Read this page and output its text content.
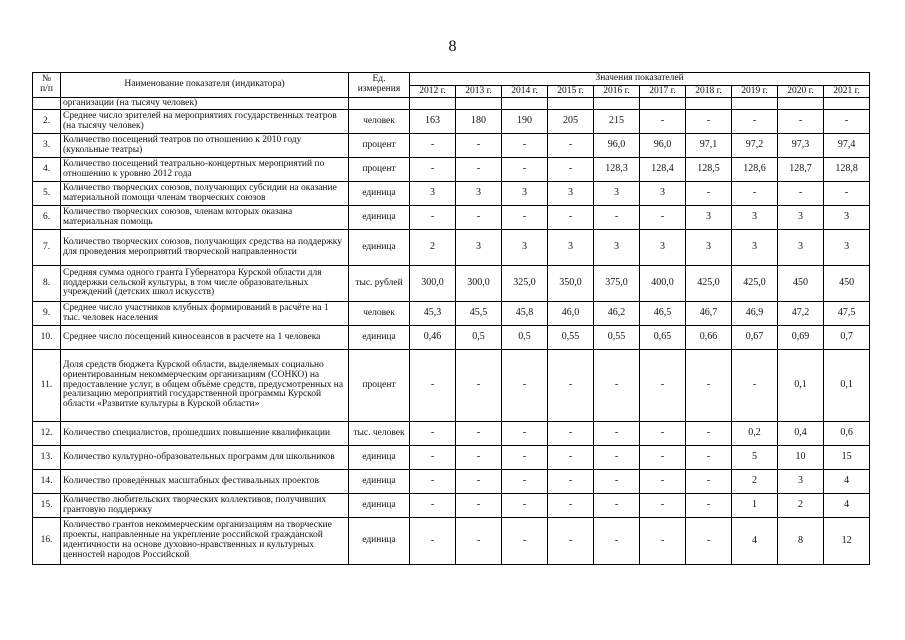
8
№
п/п	Наименование показателя (индикатора)	Ед.
измерения	Значения показателей									
			2012 г.	2013 г.	2014 г.	2015 г.	2016 г.	2017 г.	2018 г.	2019 г.	2020 г.	2021 г.
	организации (на тысячу человек)											
2.	Среднее число зрителей на мероприятиях государственных театров (на тысячу человек)	человек	163	180	190	205	215	-	-	-	-	-
3.	Количество посещений театров по отношению к 2010 году (кукольные театры)	процент	-	-	-	-	96,0	96,0	97,1	97,2	97,3	97,4
4.	Количество посещений театрально-концертных мероприятий по отношению к уровню 2012 года	процент	-	-	-	-	128,3	128,4	128,5	128,6	128,7	128,8
5.	Количество творческих союзов, получающих субсидии на оказание материальной помощи членам творческих союзов	единица	3	3	3	3	3	3	-	-	-	-
6.	Количество творческих союзов, членам которых оказана материальная помощь	единица	-	-	-	-	-	-	3	3	3	3
7.	Количество творческих союзов, получающих средства на поддержку для проведения мероприятий творческой направленности	единица	2	3	3	3	3	3	3	3	3	3
8.	Средняя сумма одного гранта Губернатора Курской области для поддержки сельской культуры, в том числе образовательных учреждений (детских школ искусств)	тыс. рублей	300,0	300,0	325,0	350,0	375,0	400,0	425,0	425,0	450	450
9.	Среднее число участников клубных формирований в расчёте на 1 тыс. человек населения	человек	45,3	45,5	45,8	46,0	46,2	46,5	46,7	46,9	47,2	47,5
10.	Среднее число посещений киносеансов в расчете на 1 человека	единица	0,46	0,5	0,5	0,55	0,55	0,65	0,66	0,67	0,69	0,7
11.	Доля средств бюджета Курской области, выделяемых социально ориентированным некоммерческим организациям (СОНКО) на предоставление услуг, в общем объёме средств, предусмотренных на реализацию мероприятий государственной программы Курской области «Развитие культуры в Курской области»	процент	-	-	-	-	-	-	-	-	0,1	0,1
12.	Количество специалистов, прошедших повышение квалификации	тыс. человек	-	-	-	-	-	-	-	0,2	0,4	0,6
13.	Количество культурно-образовательных программ для школьников	единица	-	-	-	-	-	-	-	5	10	15
14.	Количество проведённых масштабных фестивальных проектов	единица	-	-	-	-	-	-	-	2	3	4
15.	Количество любительских творческих коллективов, получивших грантовую поддержку	единица	-	-	-	-	-	-	-	1	2	4
16.	Количество грантов некоммерческим организациям на творческие проекты, направленные на укрепление российской гражданской идентичности на основе духовно-нравственных и культурных ценностей народов Российской	единица	-	-	-	-	-	-	-	4	8	12
